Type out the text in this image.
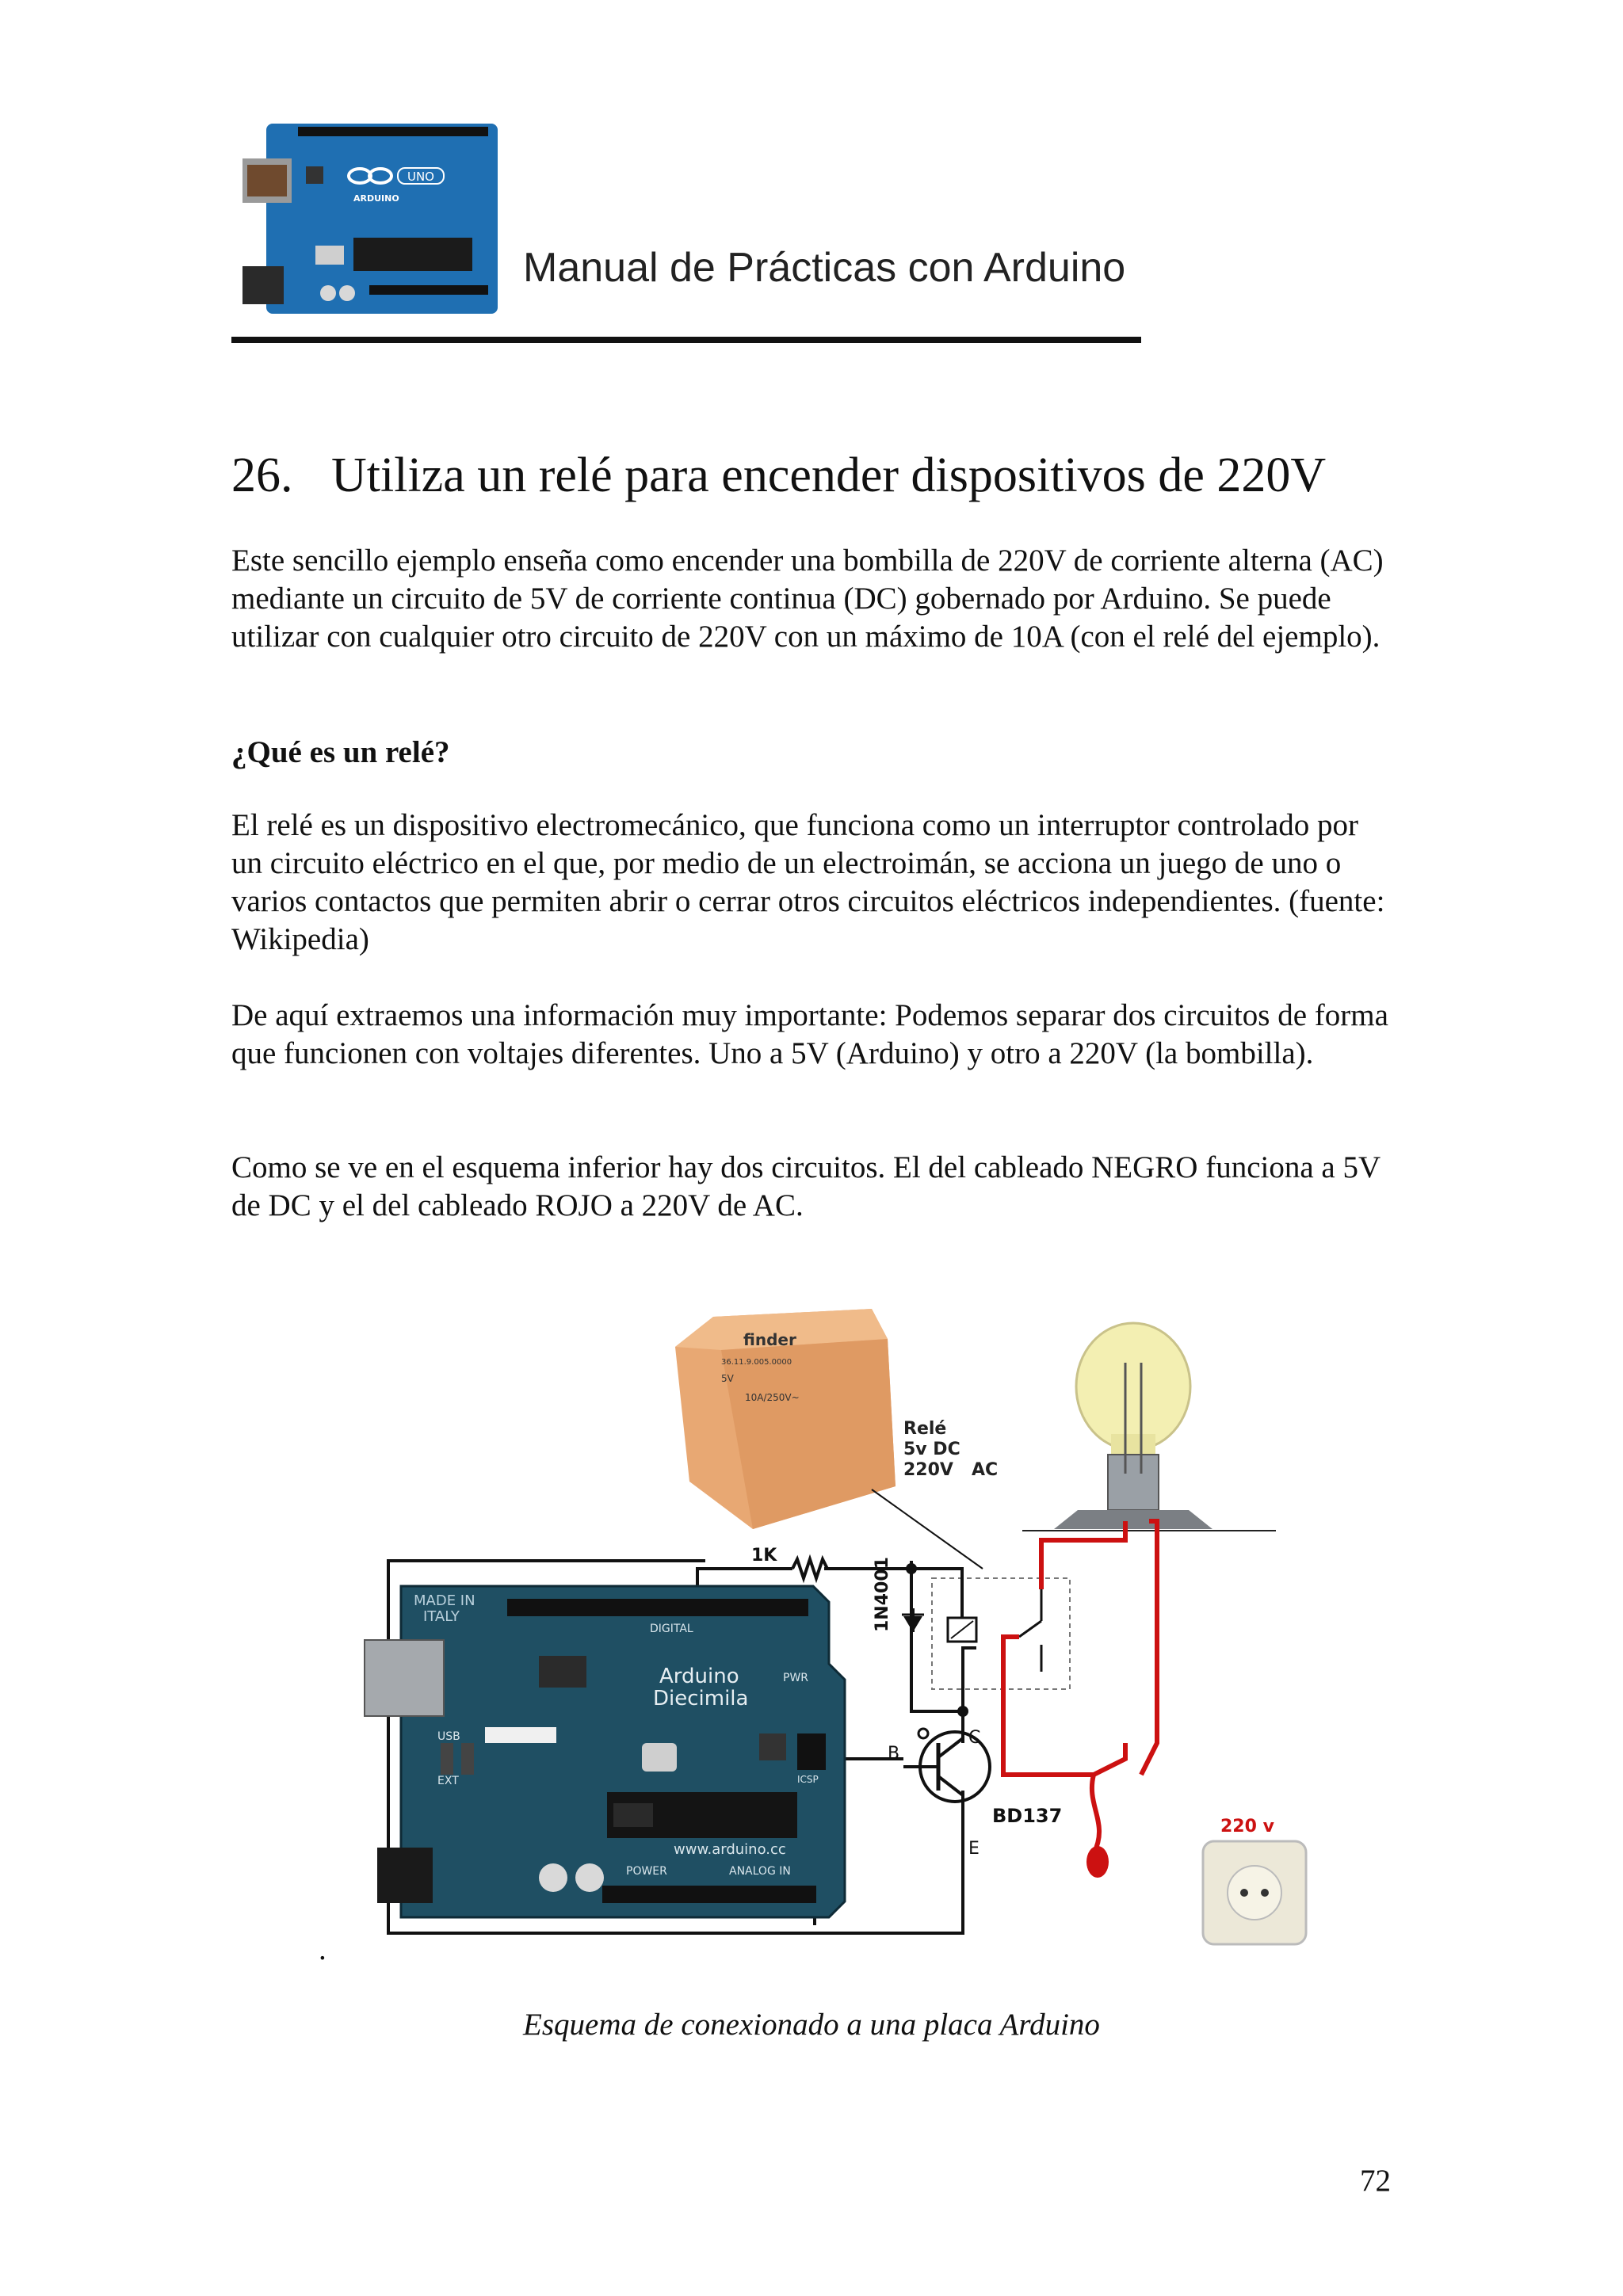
UNO
ARDUINO
Manual de Prácticas con Arduino
26. Utiliza un relé para encender dispositivos de 220V

Este sencillo ejemplo enseña como encender una bombilla de 220V de corriente alterna (AC) mediante un circuito de 5V de corriente continua (DC) gobernado por Arduino. Se puede utilizar con cualquier otro circuito de 220V con un máximo de 10A (con el relé del ejemplo).

¿Qué es un relé?

El relé es un dispositivo electromecánico, que funciona como un interruptor controlado por un circuito eléctrico en el que, por medio de un electroimán, se acciona un juego de uno o varios contactos que permiten abrir o cerrar otros circuitos eléctricos independientes. (fuente: Wikipedia)

De aquí extraemos una información muy importante: Podemos separar dos circuitos de forma que funcionen con voltajes diferentes. Uno a 5V (Arduino) y otro a 220V (la bombilla).

Como se ve en el esquema inferior hay dos circuitos. El del cableado NEGRO funciona a 5V de DC y el del cableado ROJO a 220V de AC.

finder
36.11.9.005.0000
5V
10A/250V~
Relé
5v DC
220V AC
1K
1N4001
C
B
E
BD137	220 v
MADE IN
ITALY
DIGITAL
Arduino
Diecimila
www.arduino.cc
POWER	ANALOG IN
USB
EXT	ICSP
PWR
.
Esquema de conexionado a una placa Arduino
72
